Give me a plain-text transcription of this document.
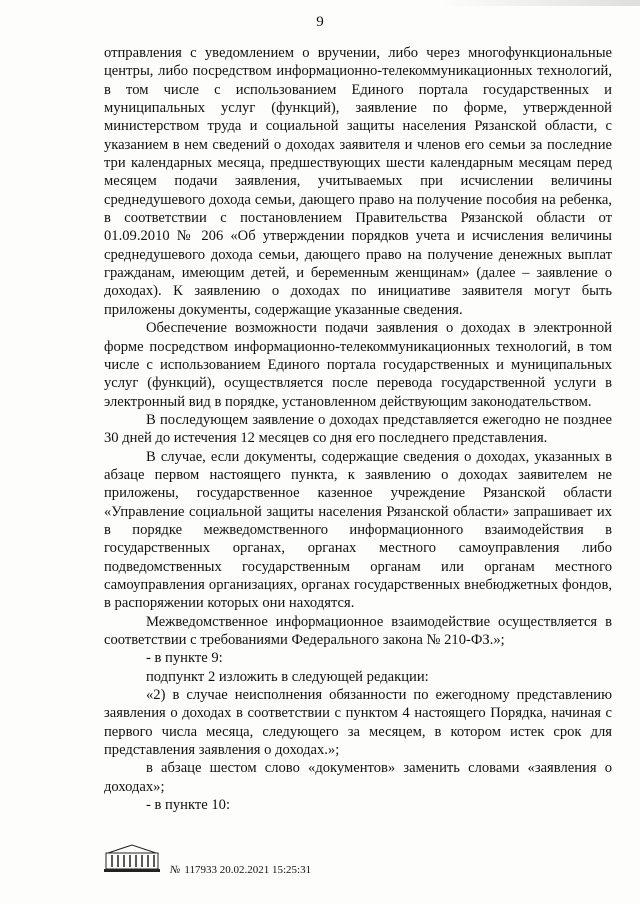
9

отправления с уведомлением о вручении, либо через многофункциональные центры, либо посредством информационно-телекоммуникационных технологий, в том числе с использованием Единого портала государственных и муниципальных услуг (функций), заявление по форме, утвержденной министерством труда и социальной защиты населения Рязанской области, с указанием в нем сведений о доходах заявителя и членов его семьи за последние три календарных месяца, предшествующих шести календарным месяцам перед месяцем подачи заявления, учитываемых при исчислении величины среднедушевого дохода семьи, дающего право на получение пособия на ребенка, в соответствии с постановлением Правительства Рязанской области от 01.09.2010 № 206 «Об утверждении порядков учета и исчисления величины среднедушевого дохода семьи, дающего право на получение денежных выплат гражданам, имеющим детей, и беременным женщинам» (далее – заявление о доходах). К заявлению о доходах по инициативе заявителя могут быть приложены документы, содержащие указанные сведения.

Обеспечение возможности подачи заявления о доходах в электронной форме посредством информационно-телекоммуникационных технологий, в том числе с использованием Единого портала государственных и муниципальных услуг (функций), осуществляется после перевода государственной услуги в электронный вид в порядке, установленном действующим законодательством.

В последующем заявление о доходах представляется ежегодно не позднее 30 дней до истечения 12 месяцев со дня его последнего представления.

В случае, если документы, содержащие сведения о доходах, указанных в абзаце первом настоящего пункта, к заявлению о доходах заявителем не приложены, государственное казенное учреждение Рязанской области «Управление социальной защиты населения Рязанской области» запрашивает их в порядке межведомственного информационного взаимодействия в государственных органах, органах местного самоуправления либо подведомственных государственным органам или органам местного самоуправления организациях, органах государственных внебюджетных фондов, в распоряжении которых они находятся.

Межведомственное информационное взаимодействие осуществляется в соответствии с требованиями Федерального закона № 210-ФЗ.»;

- в пункте 9:

подпункт 2 изложить в следующей редакции:

«2) в случае неисполнения обязанности по ежегодному представлению заявления о доходах в соответствии с пунктом 4 настоящего Порядка, начиная с первого числа месяца, следующего за месяцем, в котором истек срок для представления заявления о доходах.»;

в абзаце шестом слово «документов» заменить словами «заявления о доходах»;

- в пункте 10:

№ 117933 20.02.2021 15:25:31
